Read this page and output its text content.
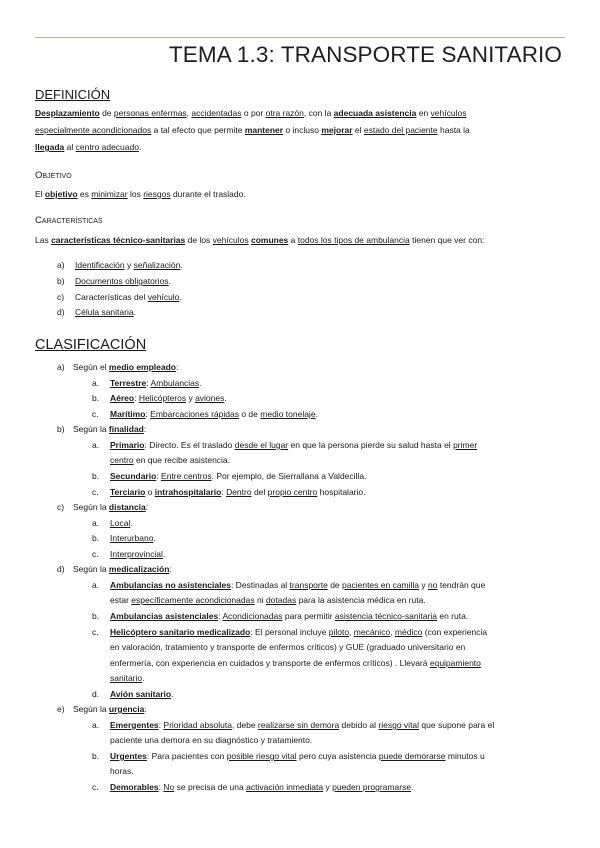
TEMA 1.3: TRANSPORTE SANITARIO
DEFINICIÓN
Desplazamiento de personas enfermas, accidentadas o por otra razón, con la adecuada asistencia en vehículos
especialmente acondicionados a tal efecto que permite mantener o incluso mejorar el estado del paciente hasta la
llegada al centro adecuado.
Objetivo
El objetivo es minimizar los riesgos durante el traslado.
Características
Las características técnico-sanitarias de los vehículos comunes a todos los tipos de ambulancia tienen que ver con:
a) Identificación y señalización.
b) Documentos obligatorios.
c) Características del vehículo.
d) Célula sanitaria.
CLASIFICACIÓN
a) Según el medio empleado:
a. Terrestre: Ambulancias.
b. Aéreo: Helicópteros y aviones.
c. Marítimo: Embarcaciones rápidas o de medio tonelaje.
b) Según la finalidad:
a. Primario: Directo. Es el traslado desde el lugar en que la persona pierde su salud hasta el primer
centro en que recibe asistencia.
b. Secundario: Entre centros. Por ejemplo, de Sierrallana a Valdecilla.
c. Terciario o intrahospitalario: Dentro del propio centro hospitalario.
c) Según la distancia:
a. Local.
b. Interurbano.
c. Interprovincial.
d) Según la medicalización:
a. Ambulancias no asistenciales: Destinadas al transporte de pacientes en camilla y no tendrán que
estar específicamente acondicionadas ni dotadas para la asistencia médica en ruta.
b. Ambulancias asistenciales: Acondicionadas para permitir asistencia técnico-sanitaria en ruta.
c. Helicóptero sanitario medicalizado: El personal incluye piloto, mecánico, médico (con experiencia
en valoración, tratamiento y transporte de enfermos críticos) y GUE (graduado universitario en
enfermería, con experiencia en cuidados y transporte de enfermos críticos) . Llevará equipamiento
sanitario.
d. Avión sanitario.
e) Según la urgencia:
a. Emergentes: Prioridad absoluta, debe realizarse sin demora debido al riesgo vital que supone para el
paciente una demora en su diagnóstico y tratamiento.
b. Urgentes: Para pacientes con posible riesgo vital pero cuya asistencia puede demorarse minutos u
horas.
c. Demorables: No se precisa de una activación inmediata y pueden programarse.
